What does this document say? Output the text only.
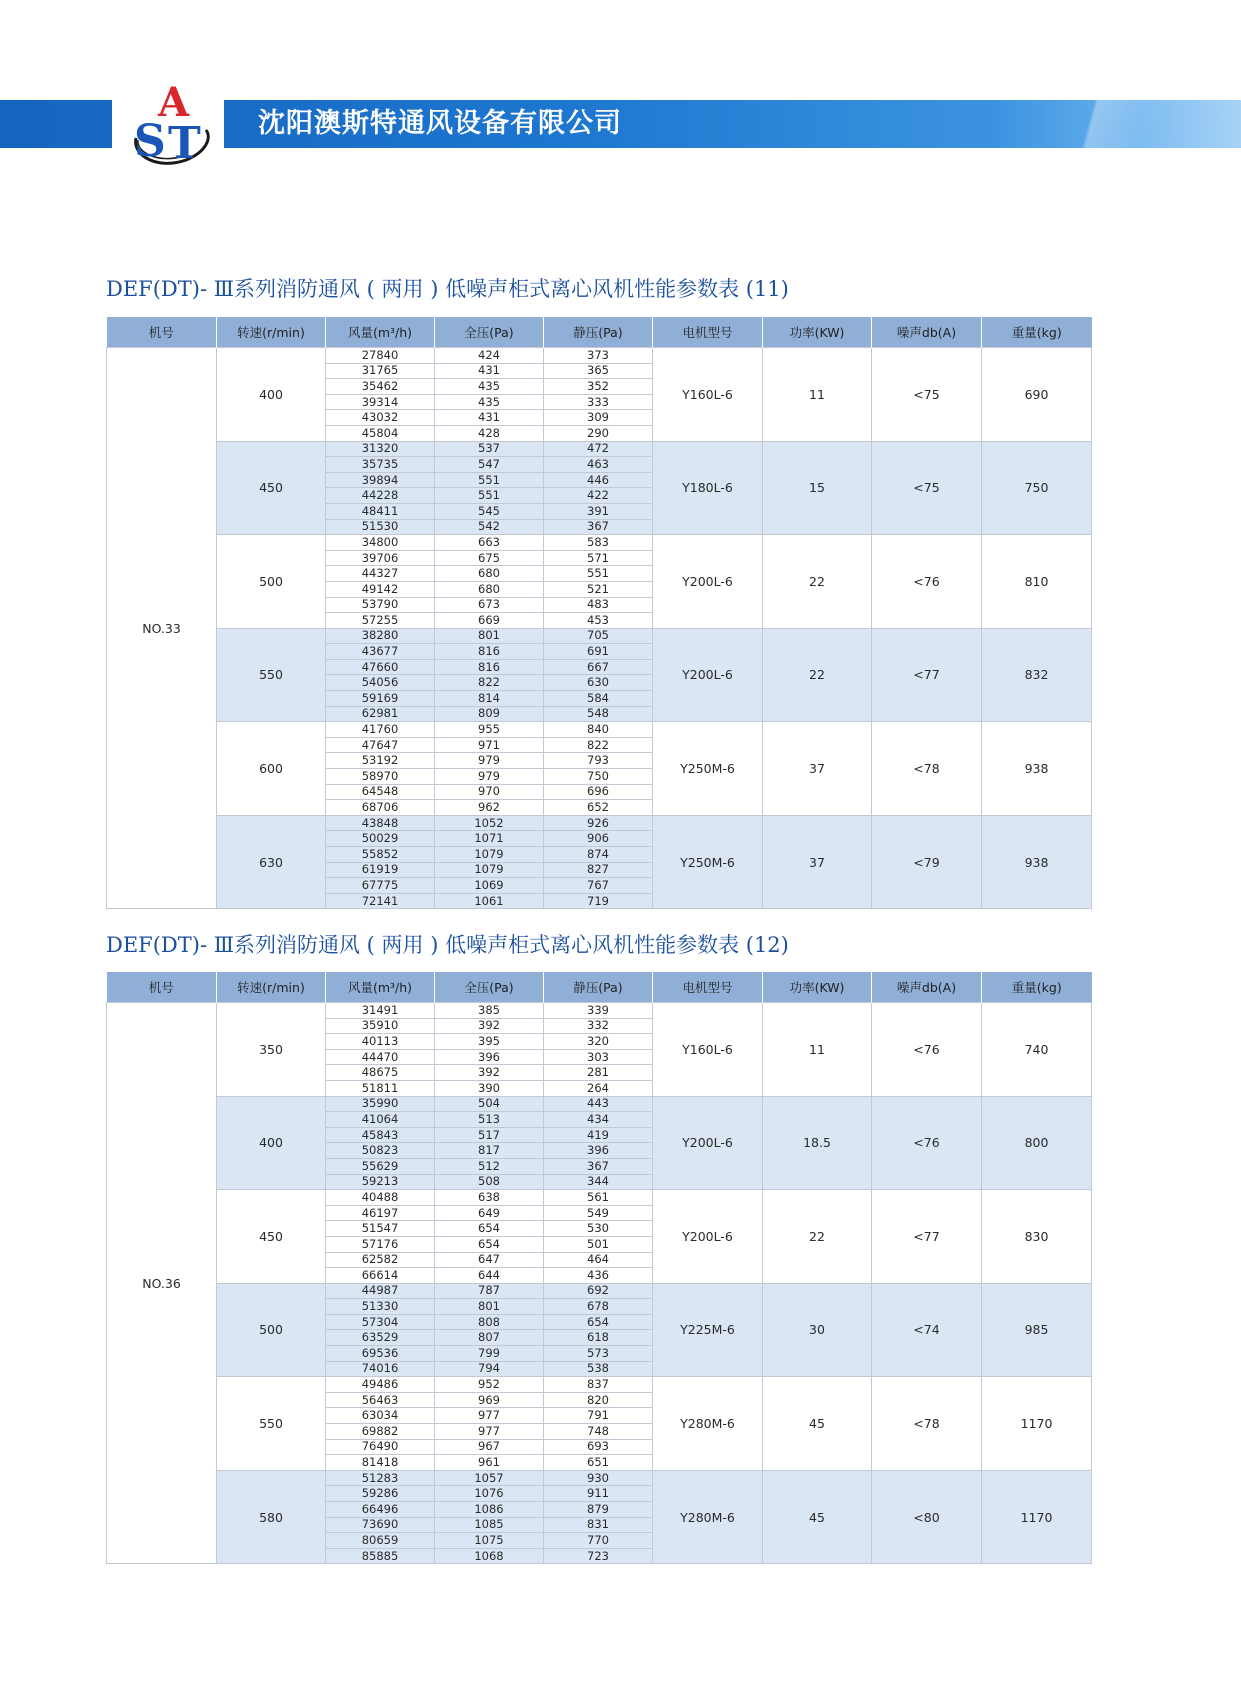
A
S T 沈阳澳斯特通风设备有限公司
DEF(DT)- Ⅲ系列消防通风 ( 两用 ) 低噪声柜式离心风机性能参数表 (11)
机号	转速(r/min)	风量(m³/h)	全压(Pa)	静压(Pa)	电机型号	功率(KW)	噪声db(A)	重量(kg)
NO.33	400	27840	424	373	Y160L-6	11	<75	690
		31765	431	365				
		35462	435	352				
		39314	435	333				
		43032	431	309				
		45804	428	290				
	450	31320	537	472	Y180L-6	15	<75	750
		35735	547	463				
		39894	551	446				
		44228	551	422				
		48411	545	391				
		51530	542	367				
	500	34800	663	583	Y200L-6	22	<76	810
		39706	675	571				
		44327	680	551				
		49142	680	521				
		53790	673	483				
		57255	669	453				
	550	38280	801	705	Y200L-6	22	<77	832
		43677	816	691				
		47660	816	667				
		54056	822	630				
		59169	814	584				
		62981	809	548				
	600	41760	955	840	Y250M-6	37	<78	938
		47647	971	822				
		53192	979	793				
		58970	979	750				
		64548	970	696				
		68706	962	652				
	630	43848	1052	926	Y250M-6	37	<79	938
		50029	1071	906				
		55852	1079	874				
		61919	1079	827				
		67775	1069	767				
		72141	1061	719				
DEF(DT)- Ⅲ系列消防通风 ( 两用 ) 低噪声柜式离心风机性能参数表 (12)
机号	转速(r/min)	风量(m³/h)	全压(Pa)	静压(Pa)	电机型号	功率(KW)	噪声db(A)	重量(kg)
NO.36	350	31491	385	339	Y160L-6	11	<76	740
		35910	392	332				
		40113	395	320				
		44470	396	303				
		48675	392	281				
		51811	390	264				
	400	35990	504	443	Y200L-6	18.5	<76	800
		41064	513	434				
		45843	517	419				
		50823	817	396				
		55629	512	367				
		59213	508	344				
	450	40488	638	561	Y200L-6	22	<77	830
		46197	649	549				
		51547	654	530				
		57176	654	501				
		62582	647	464				
		66614	644	436				
	500	44987	787	692	Y225M-6	30	<74	985
		51330	801	678				
		57304	808	654				
		63529	807	618				
		69536	799	573				
		74016	794	538				
	550	49486	952	837	Y280M-6	45	<78	1170
		56463	969	820				
		63034	977	791				
		69882	977	748				
		76490	967	693				
		81418	961	651				
	580	51283	1057	930	Y280M-6	45	<80	1170
		59286	1076	911				
		66496	1086	879				
		73690	1085	831				
		80659	1075	770				
		85885	1068	723				
